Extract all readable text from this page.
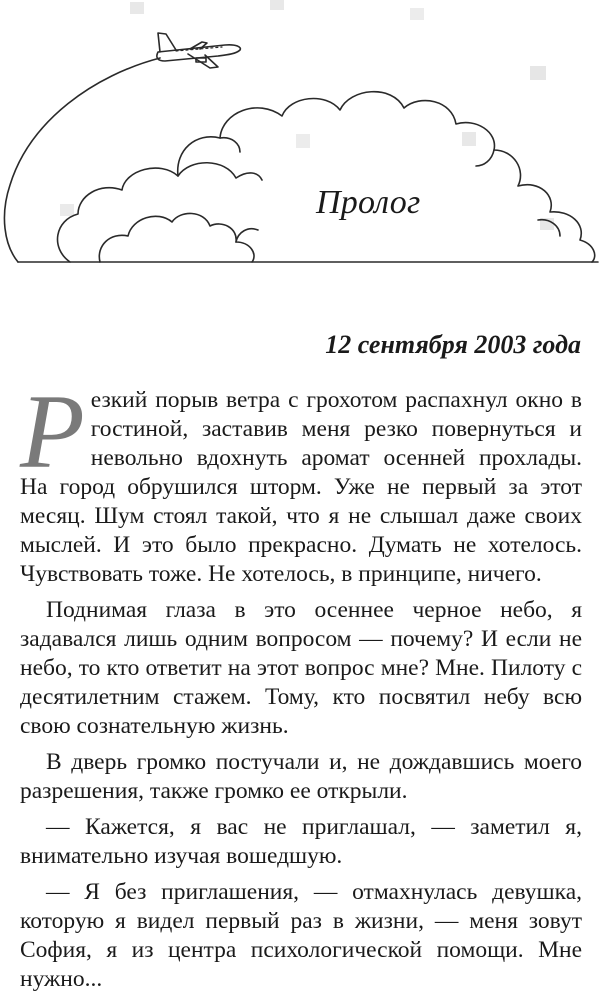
Пролог
12 сентября 2003 года

Резкий порыв ветра с грохотом распахнул окно в гостиной, заставив меня резко повернуться и невольно вдохнуть аромат осенней прохлады. На город обрушился шторм. Уже не первый за этот месяц. Шум стоял такой, что я не слышал даже своих мыслей. И это было прекрасно. Думать не хотелось. Чувствовать тоже. Не хотелось, в принципе, ничего.

Поднимая глаза в это осеннее черное небо, я задавался лишь одним вопросом — почему? И если не небо, то кто ответит на этот вопрос мне? Мне. Пилоту с десятилетним стажем. Тому, кто посвятил небу всю свою сознательную жизнь.

В дверь громко постучали и, не дождавшись моего разрешения, также громко ее открыли.

— Кажется, я вас не приглашал, — заметил я, внимательно изучая вошедшую.

— Я без приглашения, — отмахнулась девушка, которую я видел первый раз в жизни, — меня зовут София, я из центра психологической помощи. Мне нужно...
